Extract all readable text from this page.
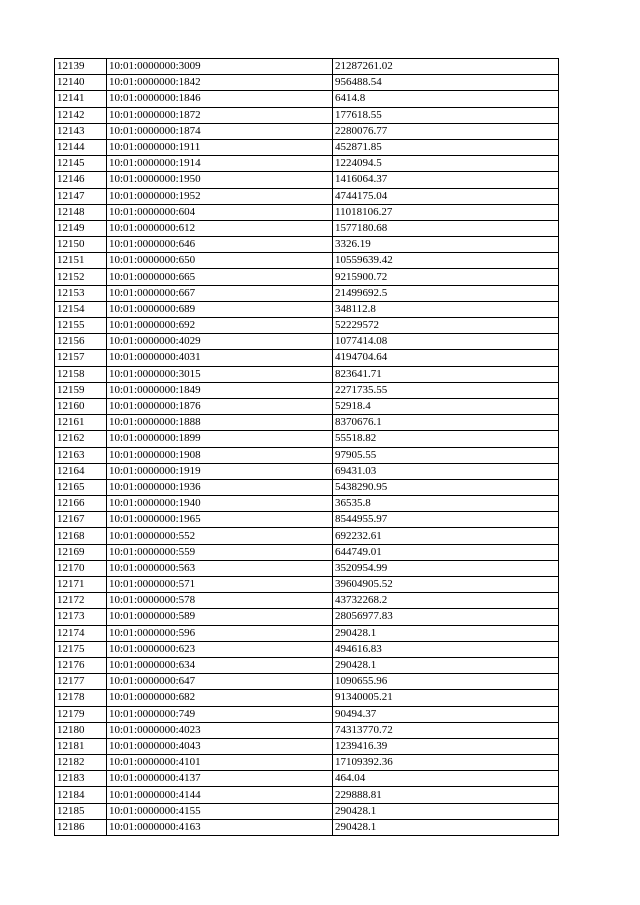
12139	10:01:0000000:3009	21287261.02
12140	10:01:0000000:1842	956488.54
12141	10:01:0000000:1846	6414.8
12142	10:01:0000000:1872	177618.55
12143	10:01:0000000:1874	2280076.77
12144	10:01:0000000:1911	452871.85
12145	10:01:0000000:1914	1224094.5
12146	10:01:0000000:1950	1416064.37
12147	10:01:0000000:1952	4744175.04
12148	10:01:0000000:604	11018106.27
12149	10:01:0000000:612	1577180.68
12150	10:01:0000000:646	3326.19
12151	10:01:0000000:650	10559639.42
12152	10:01:0000000:665	9215900.72
12153	10:01:0000000:667	21499692.5
12154	10:01:0000000:689	348112.8
12155	10:01:0000000:692	52229572
12156	10:01:0000000:4029	1077414.08
12157	10:01:0000000:4031	4194704.64
12158	10:01:0000000:3015	823641.71
12159	10:01:0000000:1849	2271735.55
12160	10:01:0000000:1876	52918.4
12161	10:01:0000000:1888	8370676.1
12162	10:01:0000000:1899	55518.82
12163	10:01:0000000:1908	97905.55
12164	10:01:0000000:1919	69431.03
12165	10:01:0000000:1936	5438290.95
12166	10:01:0000000:1940	36535.8
12167	10:01:0000000:1965	8544955.97
12168	10:01:0000000:552	692232.61
12169	10:01:0000000:559	644749.01
12170	10:01:0000000:563	3520954.99
12171	10:01:0000000:571	39604905.52
12172	10:01:0000000:578	43732268.2
12173	10:01:0000000:589	28056977.83
12174	10:01:0000000:596	290428.1
12175	10:01:0000000:623	494616.83
12176	10:01:0000000:634	290428.1
12177	10:01:0000000:647	1090655.96
12178	10:01:0000000:682	91340005.21
12179	10:01:0000000:749	90494.37
12180	10:01:0000000:4023	74313770.72
12181	10:01:0000000:4043	1239416.39
12182	10:01:0000000:4101	17109392.36
12183	10:01:0000000:4137	464.04
12184	10:01:0000000:4144	229888.81
12185	10:01:0000000:4155	290428.1
12186	10:01:0000000:4163	290428.1
